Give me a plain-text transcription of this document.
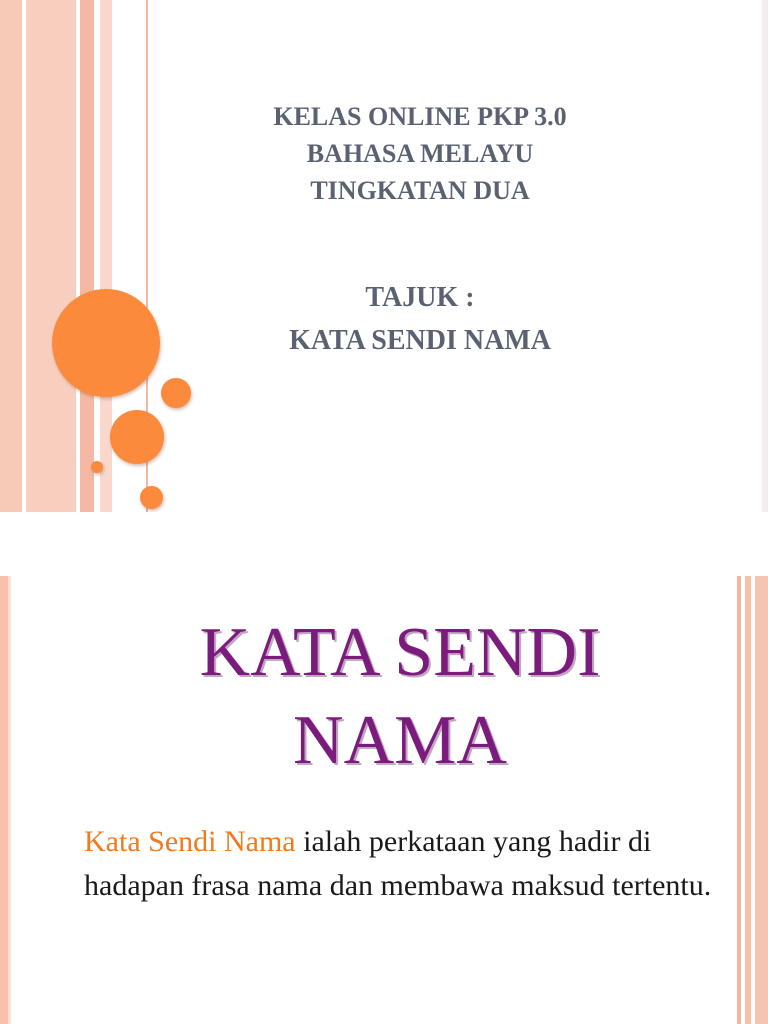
KELAS ONLINE PKP 3.0
BAHASA MELAYU
TINGKATAN DUA
TAJUK :
KATA SENDI NAMA
KATA SENDI
NAMA
Kata Sendi Nama ialah perkataan yang hadir di hadapan frasa nama dan membawa maksud tertentu.
